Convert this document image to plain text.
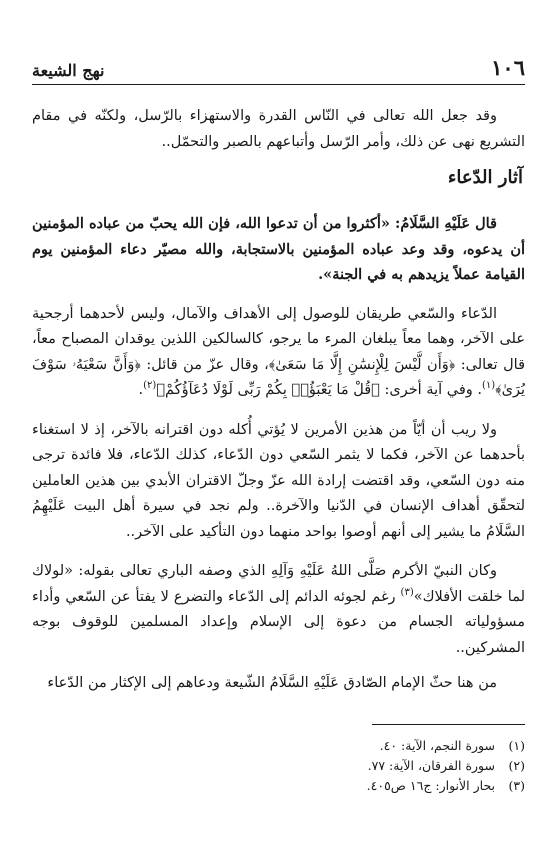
١٠٦
نهج الشيعة

وقد جعل الله تعالى في النّاس القدرة والاستهزاء بالرّسل، ولكنّه في مقام التشريع نهى عن ذلك، وأمر الرّسل وأتباعهم بالصبر والتحمّل..

آثار الدّعاء

قال عَلَيْهِ السَّلَامُ: «أكثروا من أن تدعوا الله، فإن الله يحبّ من عباده المؤمنين أن يدعوه، وقد وعد عباده المؤمنين بالاستجابة، والله مصيّر دعاء المؤمنين يوم القيامة عملاً يزيدهم به في الجنة».

الدّعاء والسّعي طريقان للوصول إلى الأهداف والآمال، وليس لأحدهما أرجحية على الآخر، وهما معاً يبلغان المرء ما يرجو، كالسالكين اللذين يوقدان المصباح معاً، قال تعالى: ﴿وَأَن لَّيْسَ لِلْإِنسَٰنِ إِلَّا مَا سَعَىٰ﴾، وقال عزّ من قائل: ﴿وَأَنَّ سَعْيَهُۥ سَوْفَ يُرَىٰ﴾$^{(١)}$. وفي آية أخرى: ﴿قُلْ مَا يَعْبَؤُا۟ بِكُمْ رَبِّى لَوْلَا دُعَآؤُكُمْ﴾$^{(٢)}$.

ولا ريب أن أيّاً من هذين الأمرين لا يُؤتي أُكله دون اقترانه بالآخر، إذ لا استغناء بأحدهما عن الآخر، فكما لا يثمر السّعي دون الدّعاء، كذلك الدّعاء، فلا فائدة ترجى منه دون السّعي، وقد اقتضت إرادة الله عزّ وجلّ الاقتران الأبدي بين هذين العاملين لتحقّق أهداف الإنسان في الدّنيا والآخرة.. ولم نجد في سيرة أهل البيت عَلَيْهِمُ السَّلَامُ ما يشير إلى أنهم أوصوا بواحد منهما دون التأكيد على الآخر..

وكان النبيّ الأكرم صَلَّى اللهُ عَلَيْهِ وَآلِهِ الذي وصفه الباري تعالى بقوله: «لولاك لما خلقت الأفلاك»$^{(٣)}$ رغم لجوئه الدائم إلى الدّعاء والتضرع لا يفتأ عن السّعي وأداء مسؤولياته الجسام من دعوة إلى الإسلام وإعداد المسلمين للوقوف بوجه المشركين..

من هنا حثّ الإمام الصّادق عَلَيْهِ السَّلَامُ الشّيعة ودعاهم إلى الإكثار من الدّعاء

(١)
سورة النجم، الآية: ٤٠.
(٢)
سورة الفرقان، الآية: ٧٧.
(٣)
بحار الأنوار: ج١٦ ص٤٠٥.
